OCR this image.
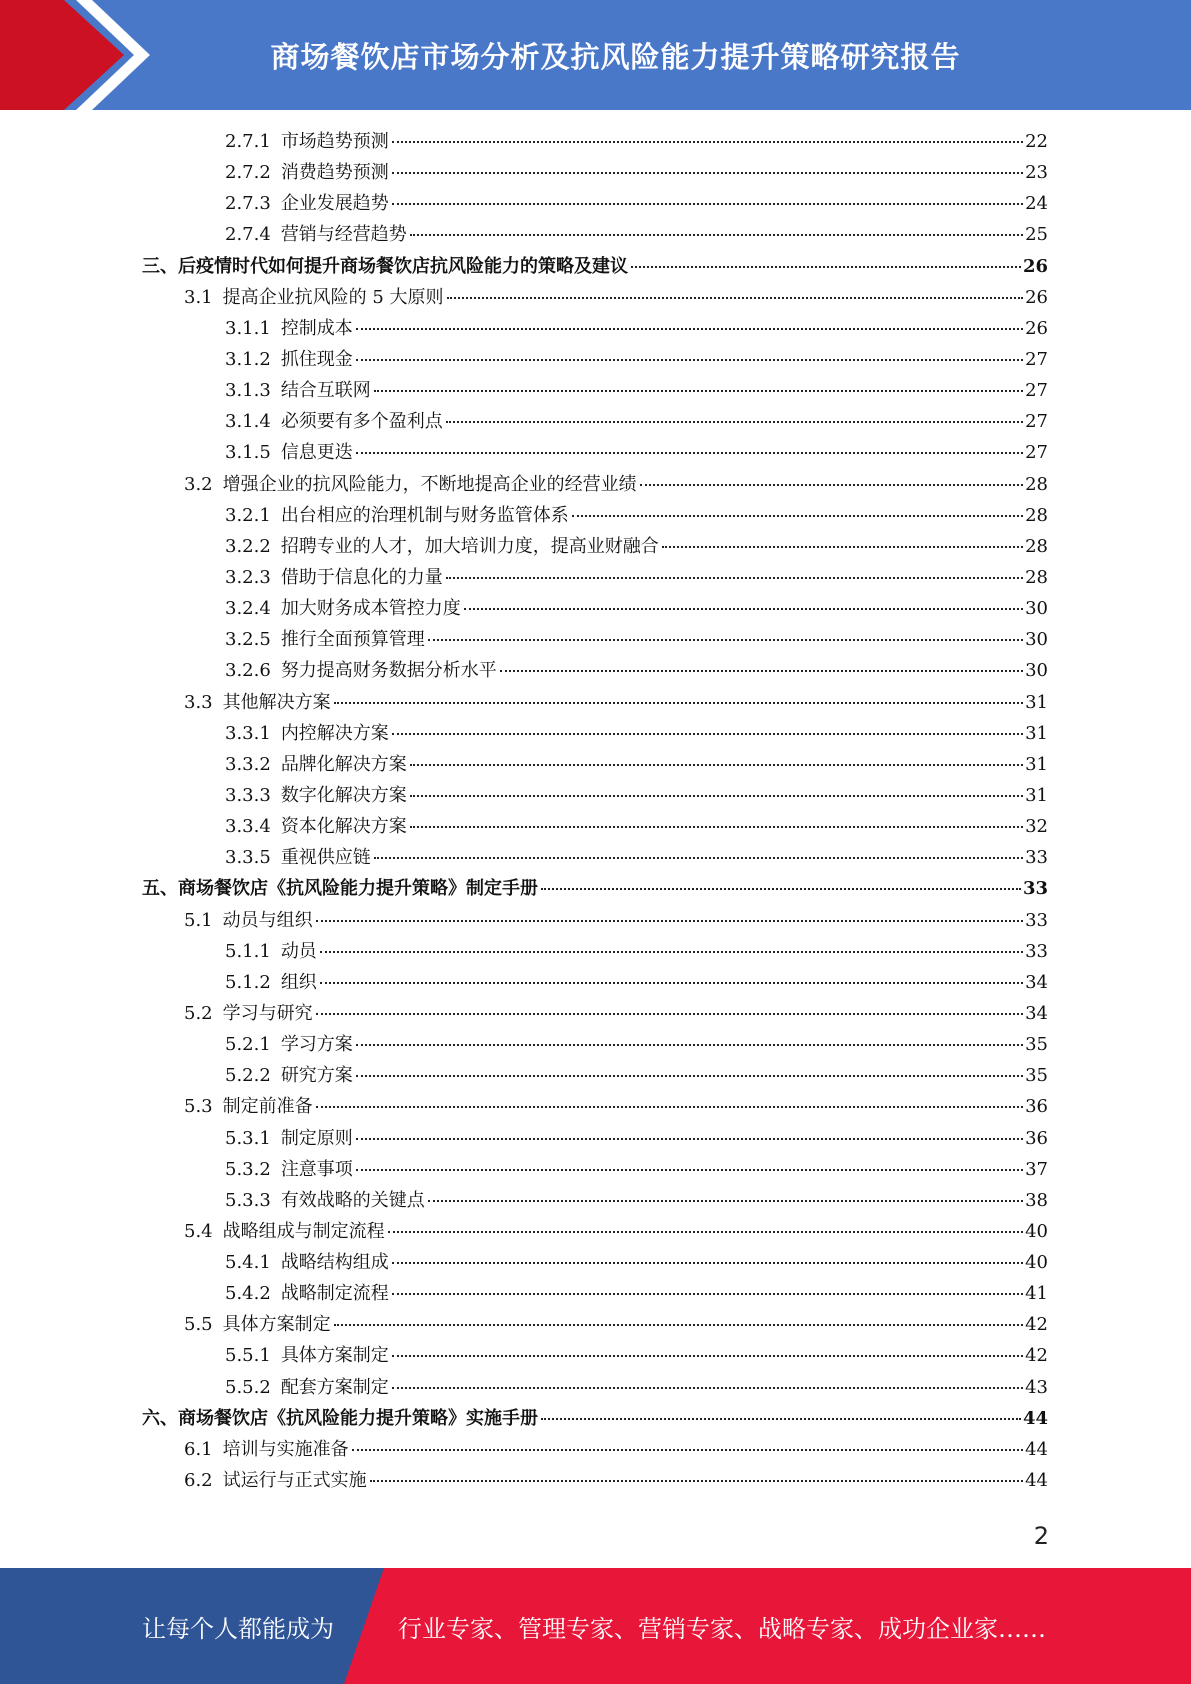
商场餐饮店市场分析及抗风险能力提升策略研究报告
2.7.1 市场趋势预测	22
2.7.2 消费趋势预测	23
2.7.3 企业发展趋势	24
2.7.4 营销与经营趋势	25
三、后疫情时代如何提升商场餐饮店抗风险能力的策略及建议	26
3.1 提高企业抗风险的 5 大原则	26
3.1.1 控制成本	26
3.1.2 抓住现金	27
3.1.3 结合互联网	27
3.1.4 必须要有多个盈利点	27
3.1.5 信息更迭	27
3.2 增强企业的抗风险能力，不断地提高企业的经营业绩	28
3.2.1 出台相应的治理机制与财务监管体系	28
3.2.2 招聘专业的人才，加大培训力度，提高业财融合	28
3.2.3 借助于信息化的力量	28
3.2.4 加大财务成本管控力度	30
3.2.5 推行全面预算管理	30
3.2.6 努力提高财务数据分析水平	30
3.3 其他解决方案	31
3.3.1 内控解决方案	31
3.3.2 品牌化解决方案	31
3.3.3 数字化解决方案	31
3.3.4 资本化解决方案	32
3.3.5 重视供应链	33
五、商场餐饮店《抗风险能力提升策略》制定手册	33
5.1 动员与组织	33
5.1.1 动员	33
5.1.2 组织	34
5.2 学习与研究	34
5.2.1 学习方案	35
5.2.2 研究方案	35
5.3 制定前准备	36
5.3.1 制定原则	36
5.3.2 注意事项	37
5.3.3 有效战略的关键点	38
5.4 战略组成与制定流程	40
5.4.1 战略结构组成	40
5.4.2 战略制定流程	41
5.5 具体方案制定	42
5.5.1 具体方案制定	42
5.5.2 配套方案制定	43
六、商场餐饮店《抗风险能力提升策略》实施手册	44
6.1 培训与实施准备	44
6.2 试运行与正式实施	44
2
让每个人都能成为	行业专家、管理专家、营销专家、战略专家、成功企业家……
